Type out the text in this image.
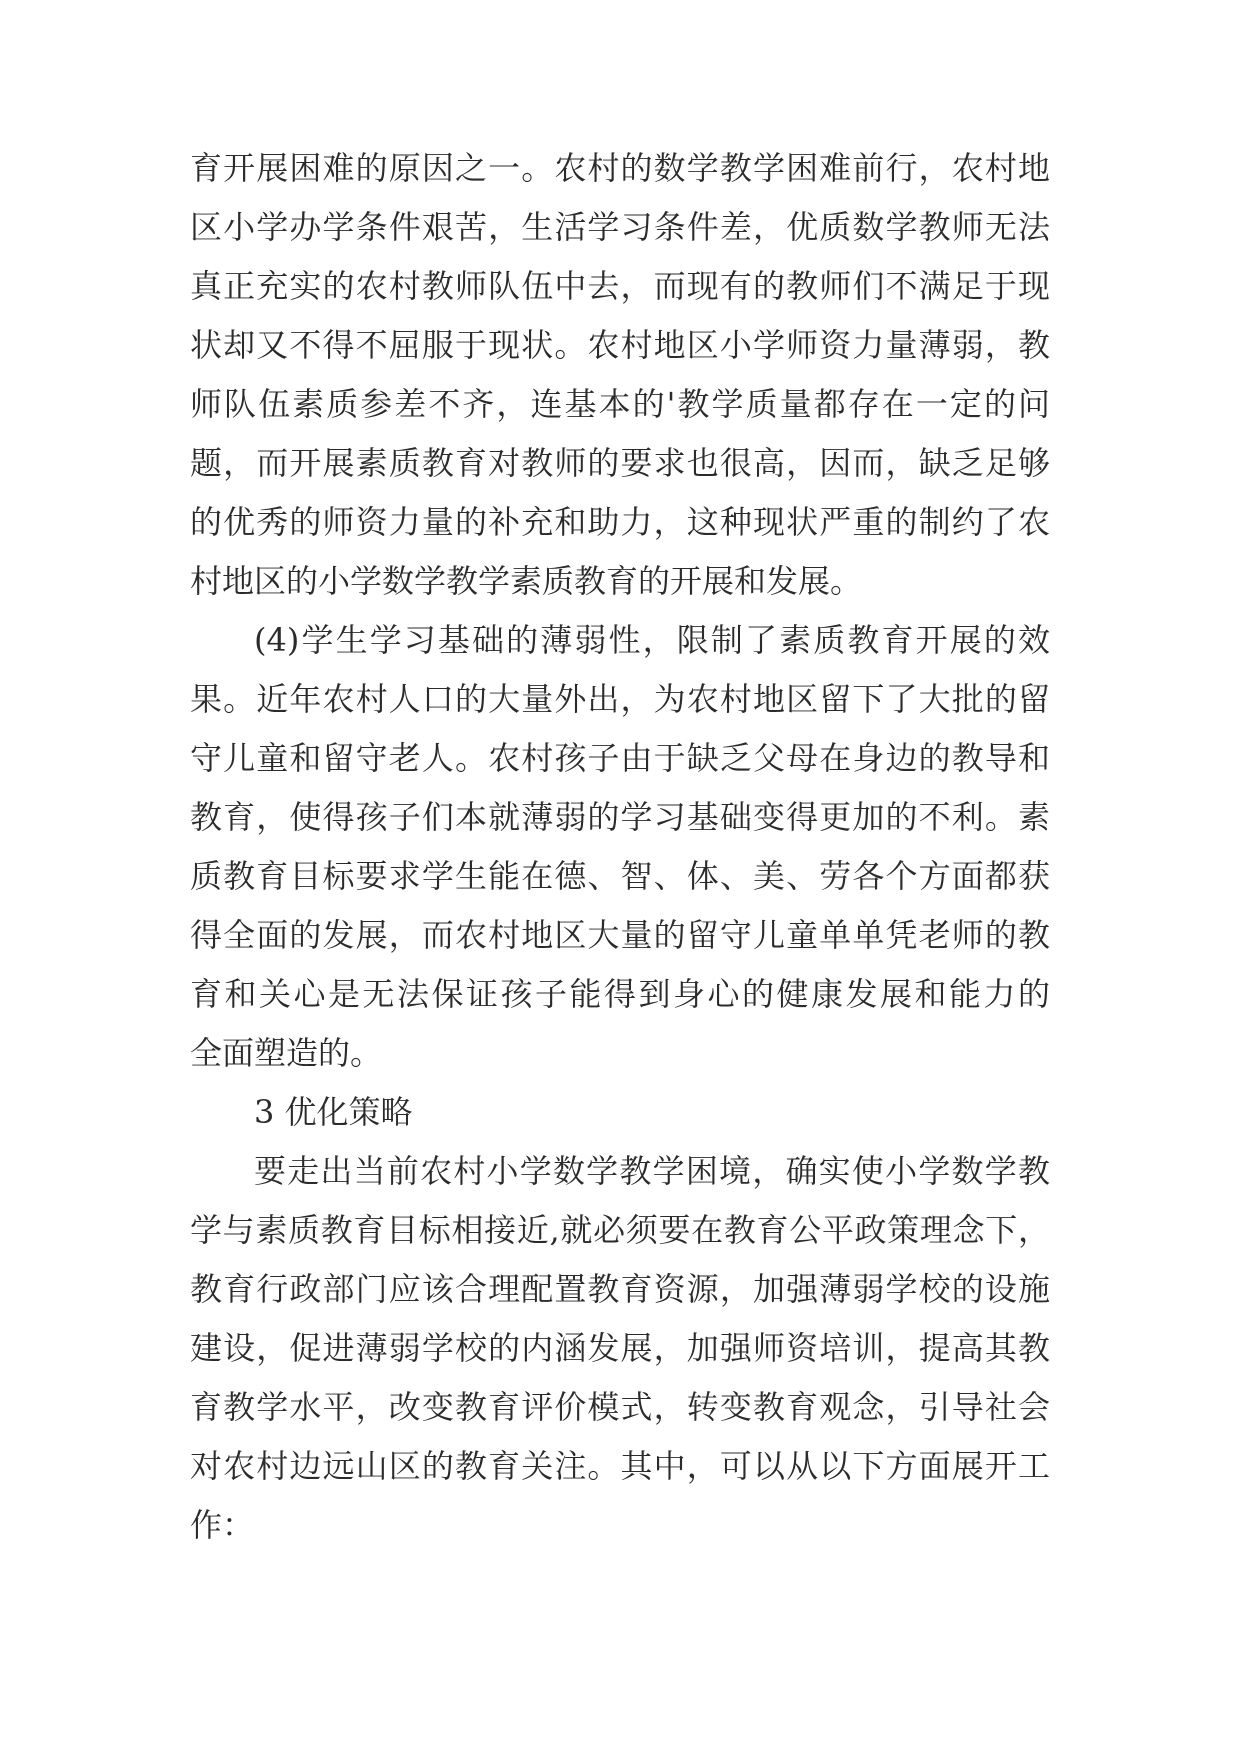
育开展困难的原因之一。农村的数学教学困难前行，农村地
区小学办学条件艰苦，生活学习条件差，优质数学教师无法
真正充实的农村教师队伍中去，而现有的教师们不满足于现
状却又不得不屈服于现状。农村地区小学师资力量薄弱，教
师队伍素质参差不齐，连基本的'教学质量都存在一定的问
题，而开展素质教育对教师的要求也很高，因而，缺乏足够
的优秀的师资力量的补充和助力，这种现状严重的制约了农
村地区的小学数学教学素质教育的开展和发展。
(4)学生学习基础的薄弱性，限制了素质教育开展的效
果。近年农村人口的大量外出，为农村地区留下了大批的留
守儿童和留守老人。农村孩子由于缺乏父母在身边的教导和
教育，使得孩子们本就薄弱的学习基础变得更加的不利。素
质教育目标要求学生能在德、智、体、美、劳各个方面都获
得全面的发展，而农村地区大量的留守儿童单单凭老师的教
育和关心是无法保证孩子能得到身心的健康发展和能力的
全面塑造的。
3 优化策略
要走出当前农村小学数学教学困境，确实使小学数学教
学与素质教育目标相接近,就必须要在教育公平政策理念下，
教育行政部门应该合理配置教育资源，加强薄弱学校的设施
建设，促进薄弱学校的内涵发展，加强师资培训，提高其教
育教学水平，改变教育评价模式，转变教育观念，引导社会
对农村边远山区的教育关注。其中，可以从以下方面展开工
作：
